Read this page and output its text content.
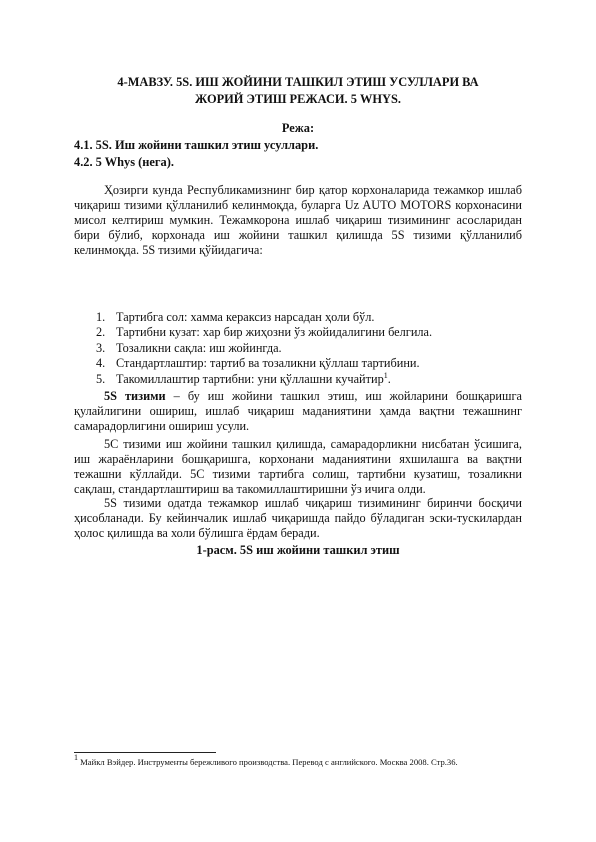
4-МАВЗУ. 5S. ИШ ЖОЙИНИ ТАШКИЛ ЭТИШ УСУЛЛАРИ ВА
ЖОРИЙ ЭТИШ РЕЖАСИ. 5 WHYS.
Режа:
4.1. 5S. Иш жойини ташкил этиш усуллари.
4.2. 5 Whys (нега).
Ҳозирги кунда Республикамизнинг бир қатор корхоналарида тежамкор ишлаб чиқариш тизими қўлланилиб келинмоқда, буларга Uz AUTO MOTORS корхонасини мисол келтириш мумкин. Тежамкорона ишлаб чиқариш тизимининг асосларидан бири бўлиб, корхонада иш жойини ташкил қилишда 5S тизими қўлланилиб келинмоқда. 5S тизими қўйидагича:
1. Тартибга сол: хамма кераксиз нарсадан ҳоли бўл.
2. Тартибни кузат: хар бир жиҳозни ўз жойидалигини белгила.
3. Тозаликни сақла: иш жойингда.
4. Стандартлаштир: тартиб ва тозаликни қўллаш тартибини.
5. Такомиллаштир тартибни: уни қўллашни кучайтир$^1$.
5S тизими – бу иш жойини ташкил этиш, иш жойларини бошқаришга қулайлигини ошириш, ишлаб чиқариш маданиятини ҳамда вақтни тежашнинг самарадорлигини ошириш усули.
5С тизими иш жойини ташкил қилишда, самарадорликни нисбатан ўсишига, иш жараёнларини бошқаришга, корхонани маданиятини яхшилашга ва вақтни тежашни кўллайди. 5С тизими тартибга солиш, тартибни кузатиш, тозаликни сақлаш, стандартлаштириш ва такомиллаштиришни ўз ичига олди.
5S тизими одатда тежамкор ишлаб чиқариш тизимининг биринчи босқичи ҳисобланади. Бу кейинчалик ишлаб чиқаришда пайдо бўладиган эски-тускилардан ҳолос қилишда ва холи бўлишга ёрдам беради.
1-расм. 5S иш жойини ташкил этиш
$^1$ Майкл Вэйдер. Инструменты бережливого производства. Перевод с английского. Москва 2008. Стр.36.
